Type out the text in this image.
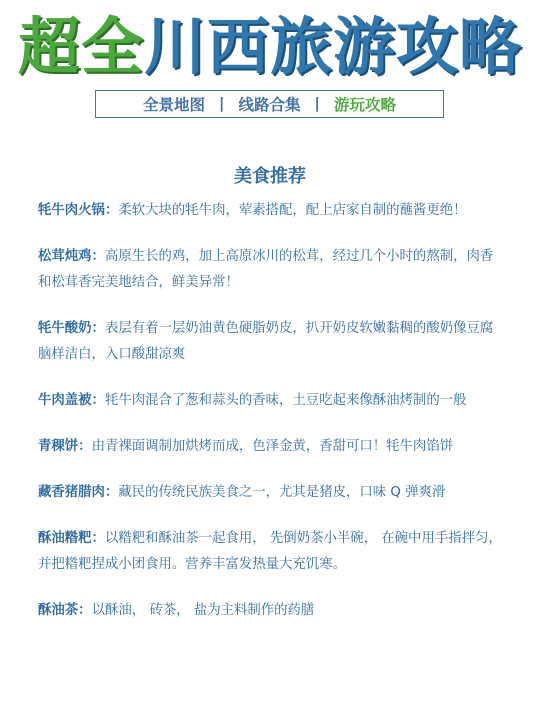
超全川西旅游攻略
全景地图 丨 线路合集 丨 游玩攻略
美食推荐
牦牛肉火锅：柔软大块的牦牛肉，荤素搭配，配上店家自制的蘸酱更绝！
松茸炖鸡：高原生长的鸡，加上高原冰川的松茸，经过几个小时的熬制，肉香和松茸香完美地结合，鲜美异常！
牦牛酸奶：表层有着一层奶油黄色硬脂奶皮，扒开奶皮软嫩黏稠的酸奶像豆腐脑样洁白，入口酸甜凉爽
牛肉盖被：牦牛肉混合了葱和蒜头的香味，土豆吃起来像酥油烤制的一般
青稞饼：由青裸面调制加烘烤而成，色泽金黄，香甜可口！牦牛肉馅饼
藏香猪腊肉：藏民的传统民族美食之一，尤其是猪皮，口味 Q 弹爽滑
酥油糌粑：以糌粑和酥油茶一起食用， 先倒奶茶小半碗， 在碗中用手指拌匀， 并把糌粑捏成小团食用。营养丰富发热量大充饥寒。
酥油茶：以酥油， 砖茶， 盐为主料制作的药膳
